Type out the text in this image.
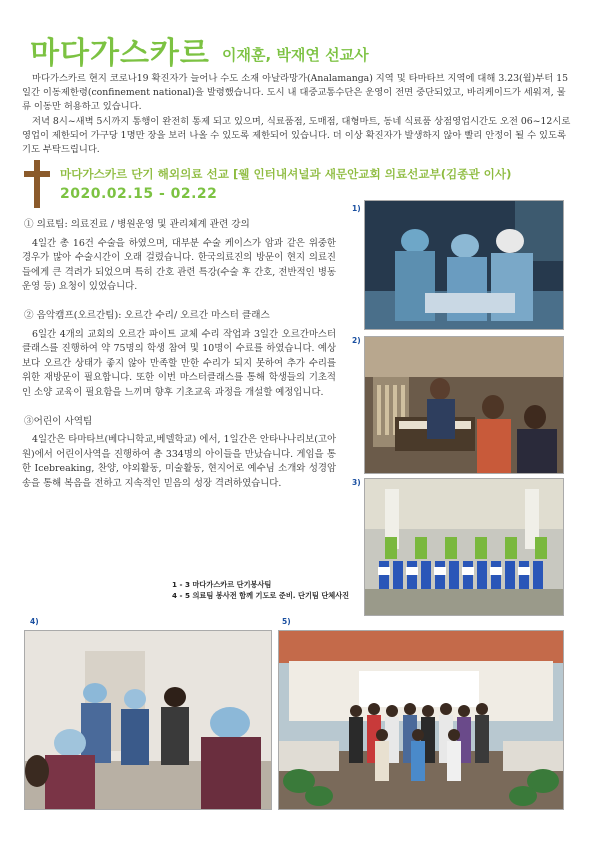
마다가스카르 이재훈, 박재연 선교사

마다가스카르 현지 코로나19 확진자가 늘어나 수도 소재 아날라망가(Analamanga) 지역 및 타마타브 지역에 대해 3.23(월)부터 15일간 이동제한령(confinement national)을 발령했습니다. 도시 내 대중교통수단은 운영이 전면 중단되었고, 바리케이드가 세워져, 물류 이동만 허용하고 있습니다.

저녁 8시~새벽 5시까지 통행이 완전히 통제 되고 있으며, 식료품점, 도매점, 대형마트, 동네 식료품 상점영업시간도 오전 06~12시로 영업이 제한되어 가구당 1명만 장을 보러 나올 수 있도록 제한되어 있습니다. 더 이상 확진자가 발생하지 않아 빨리 안정이 될 수 있도록 기도 부탁드립니다.

마다가스카르 단기 해외의료 선교 [웰 인터내셔널과 새문안교회 의료선교부(김종관 이사)
2020.02.15 - 02.22
① 의료팀: 의료진료 / 병원운영 및 관리체계 관련 강의

4일간 총 16건 수술을 하였으며, 대부분 수술 케이스가 암과 같은 위중한 경우가 많아 수술시간이 오래 걸렸습니다. 한국의료진의 방문이 현지 의료진들에게 큰 격려가 되었으며 특히 간호 관련 특강(수술 후 간호, 전반적인 병동 운영 등) 요청이 있었습니다.

② 음악캠프(오르간팀): 오르간 수리/ 오르간 마스터 클래스

6일간 4개의 교회의 오르간 파이트 교체 수리 작업과 3일간 오르간마스터클래스를 진행하여 약 75명의 학생 참여 및 10명이 수료를 하였습니다. 예상보다 오르간 상태가 좋지 않아 만족할 만한 수리가 되지 못하여 추가 수리를 위한 재방문이 필요합니다. 또한 이번 마스터클래스를 통해 학생들의 기초적인 소양 교육이 필요함을 느끼며 향후 기초교육 과정을 개설할 예정입니다.

③어린이 사역팀

4일간은 타마타브(베다니학교,베델학교) 에서, 1일간은 안타나나리보(고아원)에서 어린이사역을 진행하여 총 334명의 아이들을 만났습니다. 게임을 통한 Icebreaking, 찬양, 야외활동, 미술활동, 현지어로 예수님 소개와 성경암송을 통해 복음을 전하고 지속적인 믿음의 성장 격려하였습니다.

1)
2)
3)
4)	5)
1 - 3 마다가스카르 단기봉사팀
4 - 5 의료팀 봉사전 함께 기도로 준비. 단기팀 단체사진
